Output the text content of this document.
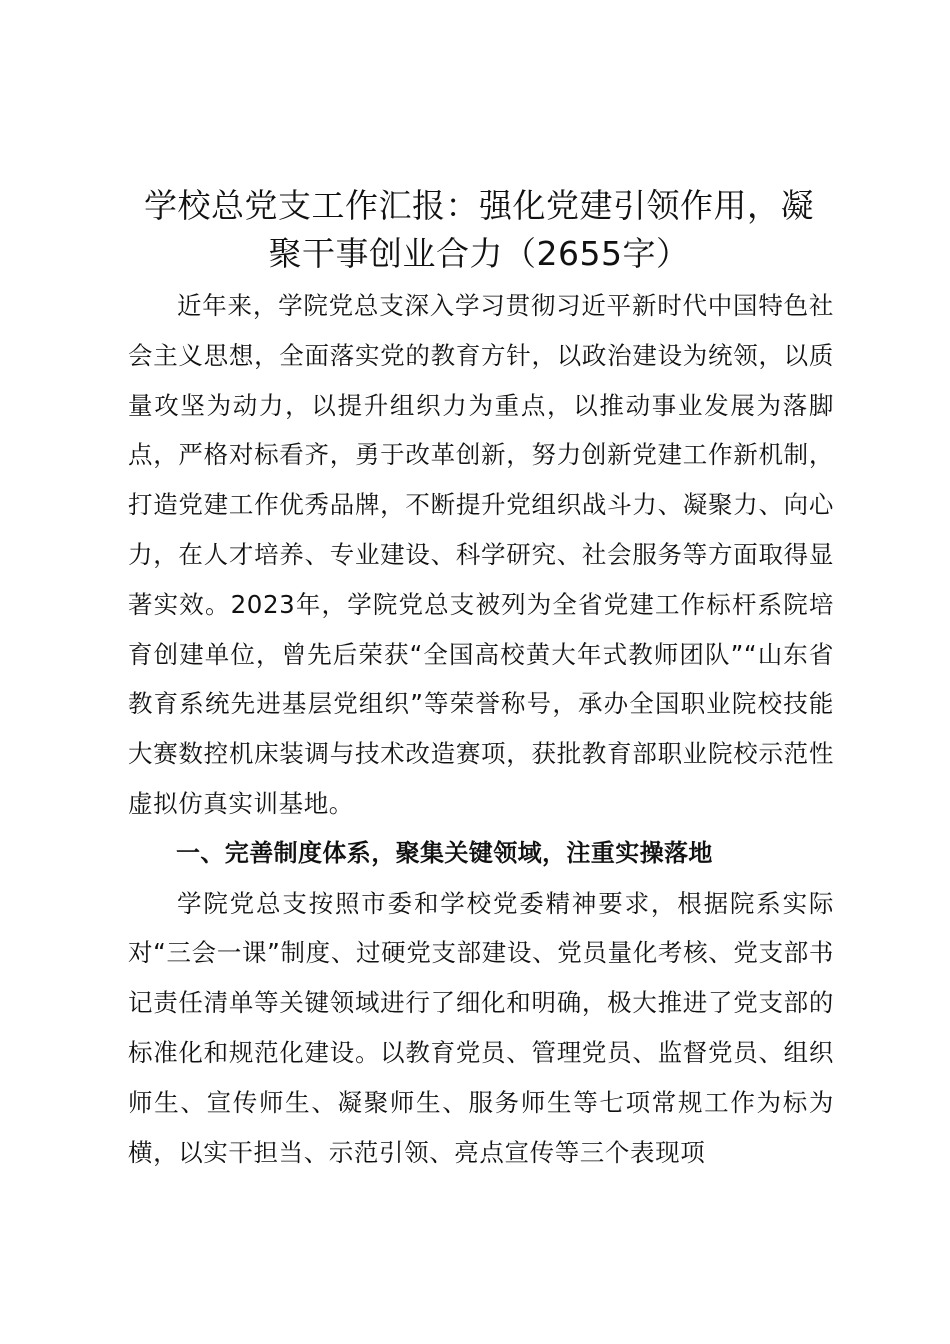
学校总党支工作汇报：强化党建引领作用，凝
聚干事创业合力（2655字）

近年来，学院党总支深入学习贯彻习近平新时代中国特色社会主义思想，全面落实党的教育方针，以政治建设为统领，以质量攻坚为动力，以提升组织力为重点，以推动事业发展为落脚点，严格对标看齐，勇于改革创新，努力创新党建工作新机制，打造党建工作优秀品牌，不断提升党组织战斗力、凝聚力、向心力，在人才培养、专业建设、科学研究、社会服务等方面取得显著实效。2023年，学院党总支被列为全省党建工作标杆系院培育创建单位，曾先后荣获“全国高校黄大年式教师团队”“山东省教育系统先进基层党组织”等荣誉称号，承办全国职业院校技能大赛数控机床装调与技术改造赛项，获批教育部职业院校示范性虚拟仿真实训基地。

一、完善制度体系，聚集关键领域，注重实操落地

学院党总支按照市委和学校党委精神要求，根据院系实际对“三会一课”制度、过硬党支部建设、党员量化考核、党支部书记责任清单等关键领域进行了细化和明确，极大推进了党支部的标准化和规范化建设。以教育党员、管理党员、监督党员、组织师生、宣传师生、凝聚师生、服务师生等七项常规工作为标为横，以实干担当、示范引领、亮点宣传等三个表现项
